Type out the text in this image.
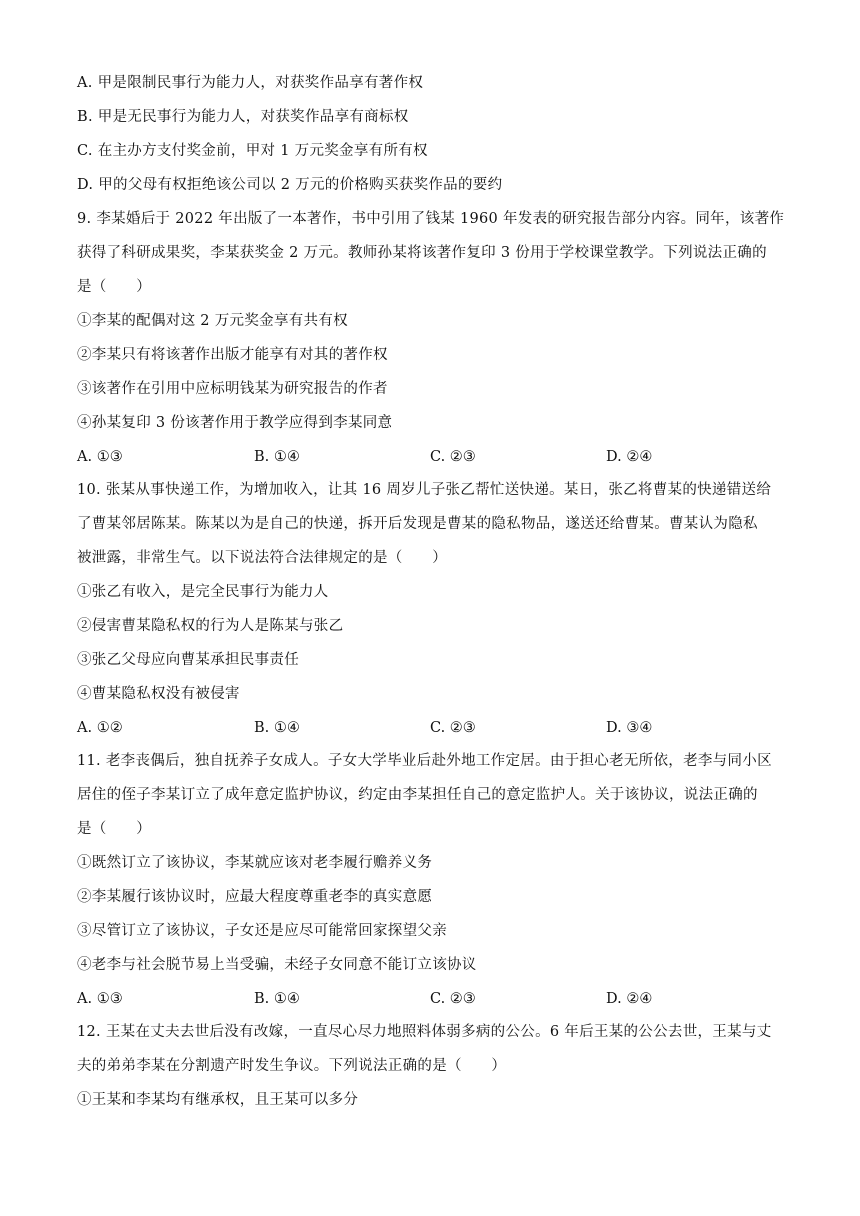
A. 甲是限制民事行为能力人，对获奖作品享有著作权
B. 甲是无民事行为能力人，对获奖作品享有商标权
C. 在主办方支付奖金前，甲对 1 万元奖金享有所有权
D. 甲的父母有权拒绝该公司以 2 万元的价格购买获奖作品的要约
9. 李某婚后于 2022 年出版了一本著作，书中引用了钱某 1960 年发表的研究报告部分内容。同年，该著作
获得了科研成果奖，李某获奖金 2 万元。教师孙某将该著作复印 3 份用于学校课堂教学。下列说法正确的
是（　　）
①李某的配偶对这 2 万元奖金享有共有权
②李某只有将该著作出版才能享有对其的著作权
③该著作在引用中应标明钱某为研究报告的作者
④孙某复印 3 份该著作用于教学应得到李某同意
A. ①③	B. ①④	C. ②③	D. ②④
10. 张某从事快递工作，为增加收入，让其 16 周岁儿子张乙帮忙送快递。某日，张乙将曹某的快递错送给
了曹某邻居陈某。陈某以为是自己的快递，拆开后发现是曹某的隐私物品，遂送还给曹某。曹某认为隐私
被泄露，非常生气。以下说法符合法律规定的是（　　）
①张乙有收入，是完全民事行为能力人
②侵害曹某隐私权的行为人是陈某与张乙
③张乙父母应向曹某承担民事责任
④曹某隐私权没有被侵害
A. ①②	B. ①④	C. ②③	D. ③④
11. 老李丧偶后，独自抚养子女成人。子女大学毕业后赴外地工作定居。由于担心老无所依，老李与同小区
居住的侄子李某订立了成年意定监护协议，约定由李某担任自己的意定监护人。关于该协议，说法正确的
是（　　）
①既然订立了该协议，李某就应该对老李履行赡养义务
②李某履行该协议时，应最大程度尊重老李的真实意愿
③尽管订立了该协议，子女还是应尽可能常回家探望父亲
④老李与社会脱节易上当受骗，未经子女同意不能订立该协议
A. ①③	B. ①④	C. ②③	D. ②④
12. 王某在丈夫去世后没有改嫁，一直尽心尽力地照料体弱多病的公公。6 年后王某的公公去世，王某与丈
夫的弟弟李某在分割遗产时发生争议。下列说法正确的是（　　）
①王某和李某均有继承权，且王某可以多分
